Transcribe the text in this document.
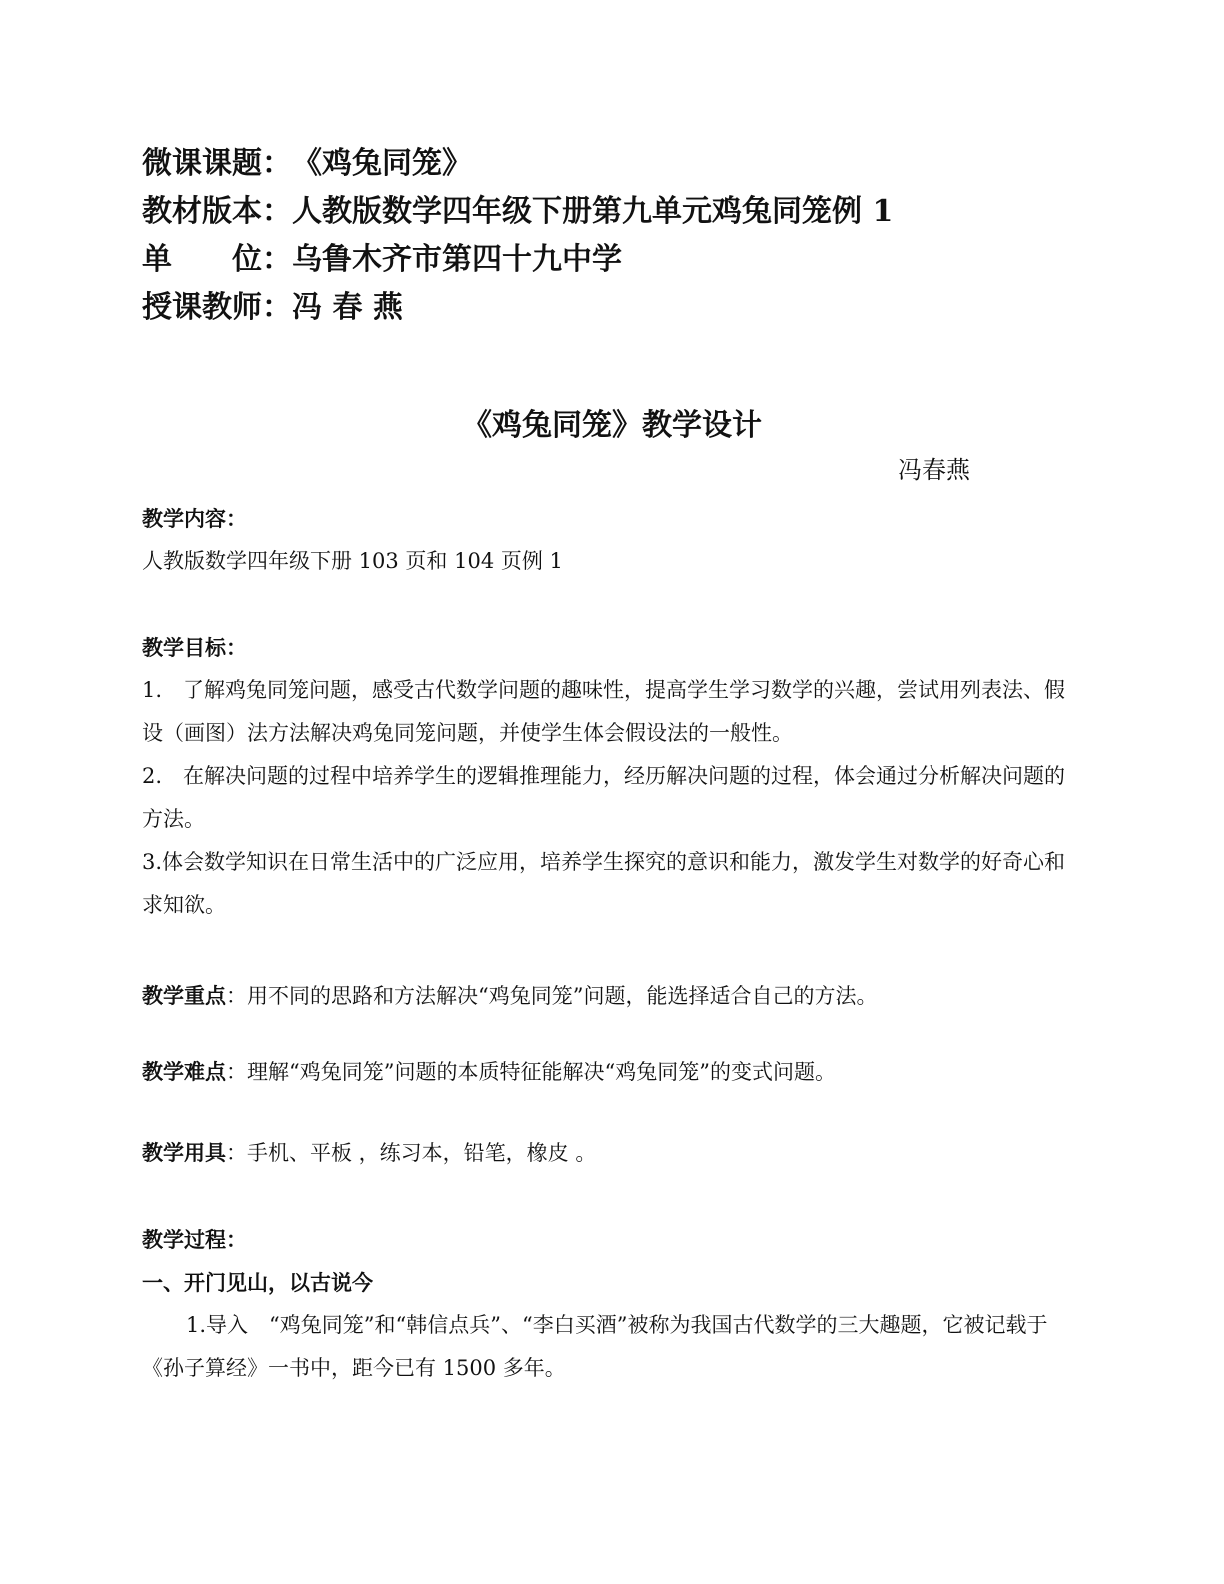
微课课题：《鸡兔同笼》
教材版本：人教版数学四年级下册第九单元鸡兔同笼例 1
单　　位：乌鲁木齐市第四十九中学
授课教师：冯 春 燕
《鸡兔同笼》教学设计
冯春燕

教学内容：

人教版数学四年级下册 103 页和 104 页例 1

教学目标：

1.　了解鸡兔同笼问题，感受古代数学问题的趣味性，提高学生学习数学的兴趣，尝试用列表法、假设（画图）法方法解决鸡兔同笼问题，并使学生体会假设法的一般性。

2.　在解决问题的过程中培养学生的逻辑推理能力，经历解决问题的过程，体会通过分析解决问题的方法。

3.体会数学知识在日常生活中的广泛应用，培养学生探究的意识和能力，激发学生对数学的好奇心和求知欲。

教学重点：用不同的思路和方法解决“鸡兔同笼”问题，能选择适合自己的方法。

教学难点：理解“鸡兔同笼”问题的本质特征能解决“鸡兔同笼”的变式问题。

教学用具：手机、平板 ，练习本，铅笔，橡皮 。

教学过程：

一、开门见山，以古说今

1.导入　“鸡兔同笼”和“韩信点兵”、“李白买酒”被称为我国古代数学的三大趣题，它被记载于《孙子算经》一书中，距今已有 1500 多年。
